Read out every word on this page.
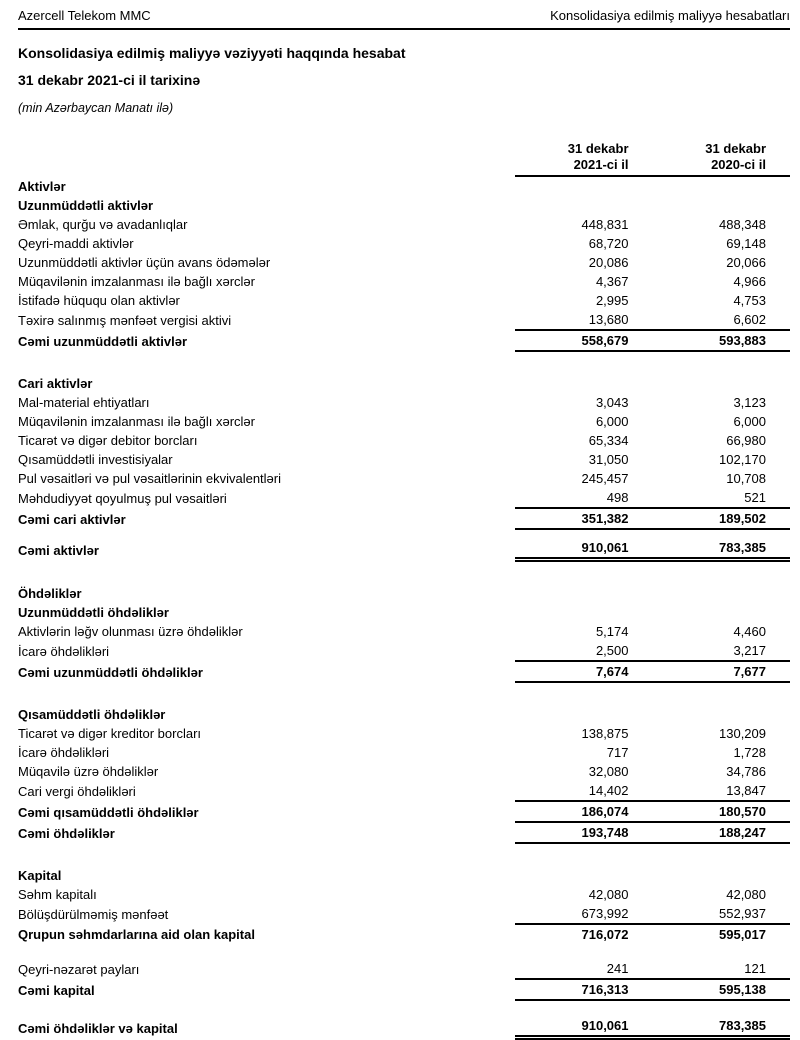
Azercell Telekom MMC	Konsolidasiya edilmiş maliyyə hesabatları
Konsolidasiya edilmiş maliyyə vəziyyəti haqqında hesabat
31 dekabr 2021-ci il tarixinə
(min Azərbaycan Manatı ilə)
31 dekabr
2021-ci il
31 dekabr
2020-ci il
Aktivlər
Uzunmüddətli aktivlər
Əmlak, qurğu və avadanlıqlar	448,831	488,348
Qeyri-maddi aktivlər	68,720	69,148
Uzunmüddətli aktivlər üçün avans ödəmələr	20,086	20,066
Müqavilənin imzalanması ilə bağlı xərclər	4,367	4,966
İstifadə hüququ olan aktivlər	2,995	4,753
Təxirə salınmış mənfəət vergisi aktivi	13,680	6,602
Cəmi uzunmüddətli aktivlər	558,679	593,883
Cari aktivlər
Mal-material ehtiyatları	3,043	3,123
Müqavilənin imzalanması ilə bağlı xərclər	6,000	6,000
Ticarət və digər debitor borcları	65,334	66,980
Qısamüddətli investisiyalar	31,050	102,170
Pul vəsaitləri və pul vəsaitlərinin ekvivalentləri	245,457	10,708
Məhdudiyyət qoyulmuş pul vəsaitləri	498	521
Cəmi cari aktivlər	351,382	189,502
Cəmi aktivlər	910,061	783,385
Öhdəliklər
Uzunmüddətli öhdəliklər
Aktivlərin ləğv olunması üzrə öhdəliklər	5,174	4,460
İcarə öhdəlikləri	2,500	3,217
Cəmi uzunmüddətli öhdəliklər	7,674	7,677
Qısamüddətli öhdəliklər
Ticarət və digər kreditor borcları	138,875	130,209
İcarə öhdəlikləri	717	1,728
Müqavilə üzrə öhdəliklər	32,080	34,786
Cari vergi öhdəlikləri	14,402	13,847
Cəmi qısamüddətli öhdəliklər	186,074	180,570
Cəmi öhdəliklər	193,748	188,247
Kapital
Səhm kapitalı	42,080	42,080
Bölüşdürülməmiş mənfəət	673,992	552,937
Qrupun səhmdarlarına aid olan kapital	716,072	595,017
Qeyri-nəzarət payları	241	121
Cəmi kapital	716,313	595,138
Cəmi öhdəliklər və kapital	910,061	783,385
